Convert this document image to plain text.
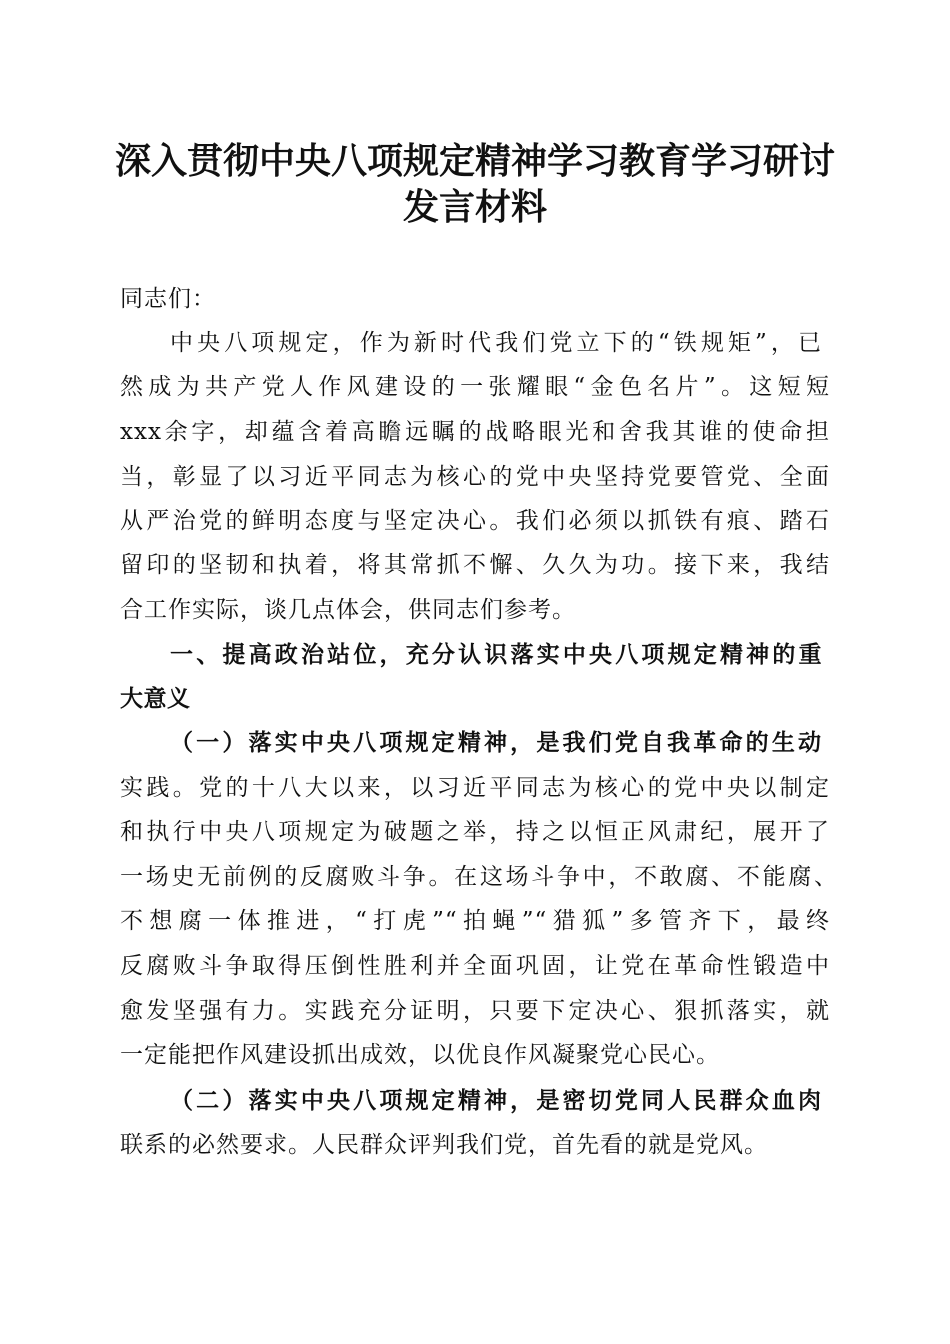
深入贯彻中央八项规定精神学习教育学习研讨
发言材料
同志们：
中央八项规定，作为新时代我们党立下的“铁规矩”，已
然成为共产党人作风建设的一张耀眼“金色名片”。这短短
xxx余字，却蕴含着高瞻远瞩的战略眼光和舍我其谁的使命担
当，彰显了以习近平同志为核心的党中央坚持党要管党、全面
从严治党的鲜明态度与坚定决心。我们必须以抓铁有痕、踏石
留印的坚韧和执着，将其常抓不懈、久久为功。接下来，我结
合工作实际，谈几点体会，供同志们参考。
一、提高政治站位，充分认识落实中央八项规定精神的重
大意义
（一）落实中央八项规定精神，是我们党自我革命的生动
实践。党的十八大以来，以习近平同志为核心的党中央以制定
和执行中央八项规定为破题之举，持之以恒正风肃纪，展开了
一场史无前例的反腐败斗争。在这场斗争中，不敢腐、不能腐、
不想腐一体推进，“打虎”“拍蝇”“猎狐”多管齐下，最终
反腐败斗争取得压倒性胜利并全面巩固，让党在革命性锻造中
愈发坚强有力。实践充分证明，只要下定决心、狠抓落实，就
一定能把作风建设抓出成效，以优良作风凝聚党心民心。
（二）落实中央八项规定精神，是密切党同人民群众血肉
联系的必然要求。人民群众评判我们党，首先看的就是党风。
